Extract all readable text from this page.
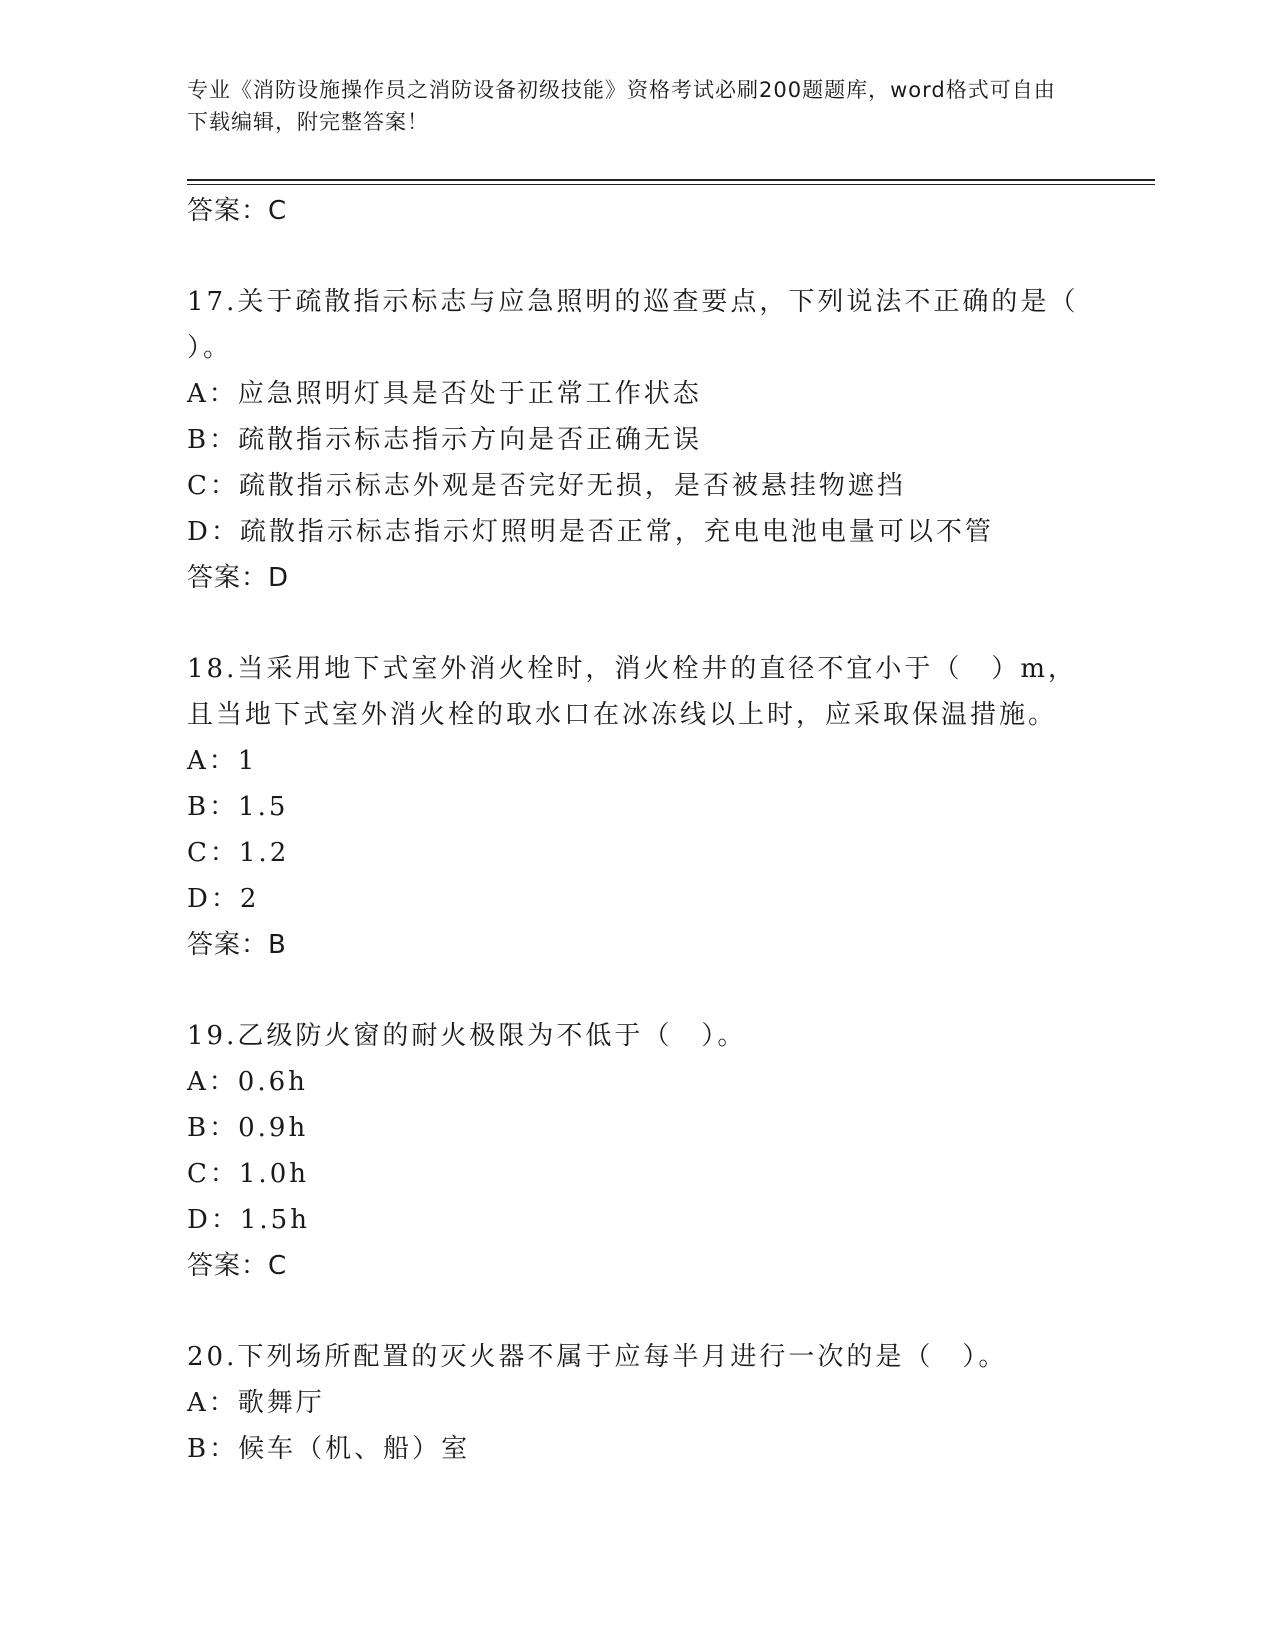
专业《消防设施操作员之消防设备初级技能》资格考试必刷200题题库，word格式可自由下载编辑，附完整答案！
答案：C
17.关于疏散指示标志与应急照明的巡查要点，下列说法不正确的是（ ）。
A：应急照明灯具是否处于正常工作状态
B：疏散指示标志指示方向是否正确无误
C：疏散指示标志外观是否完好无损，是否被悬挂物遮挡
D：疏散指示标志指示灯照明是否正常，充电电池电量可以不管
答案：D
18.当采用地下式室外消火栓时，消火栓井的直径不宜小于（　）m，且当地下式室外消火栓的取水口在冰冻线以上时，应采取保温措施。
A：1
B：1.5
C：1.2
D：2
答案：B
19.乙级防火窗的耐火极限为不低于（　）。
A：0.6h
B：0.9h
C：1.0h
D：1.5h
答案：C
20.下列场所配置的灭火器不属于应每半月进行一次的是（　）。
A：歌舞厅
B：候车（机、船）室
